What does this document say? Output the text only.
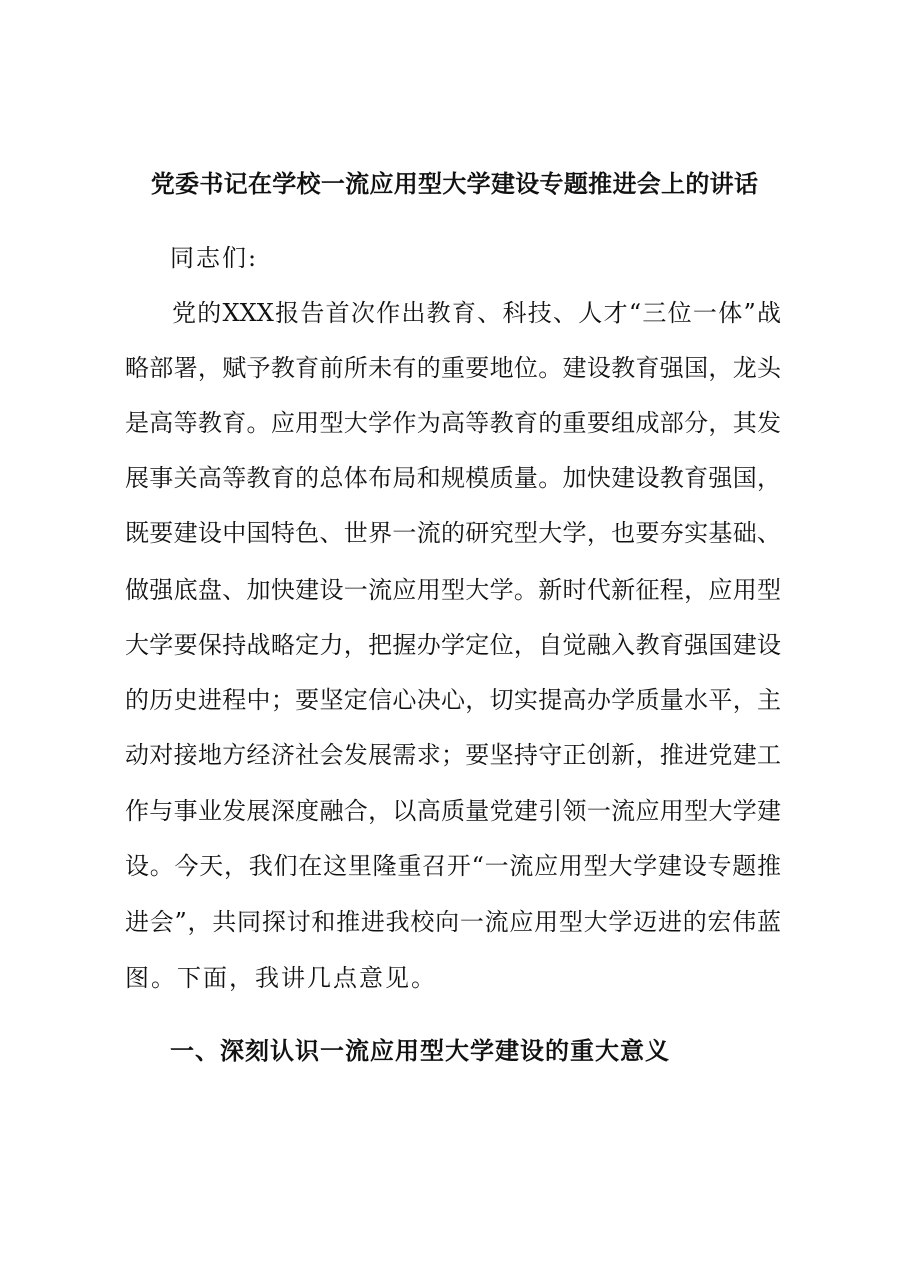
党委书记在学校一流应用型大学建设专题推进会上的讲话
同志们:
党的XXX报告首次作出教育、科技、人才“三位一体”战
略部署，赋予教育前所未有的重要地位。建设教育强国，龙头
是高等教育。应用型大学作为高等教育的重要组成部分，其发
展事关高等教育的总体布局和规模质量。加快建设教育强国，
既要建设中国特色、世界一流的研究型大学，也要夯实基础、
做强底盘、加快建设一流应用型大学。新时代新征程，应用型
大学要保持战略定力，把握办学定位，自觉融入教育强国建设
的历史进程中；要坚定信心决心，切实提高办学质量水平，主
动对接地方经济社会发展需求；要坚持守正创新，推进党建工
作与事业发展深度融合，以高质量党建引领一流应用型大学建
设。今天，我们在这里隆重召开“一流应用型大学建设专题推
进会”，共同探讨和推进我校向一流应用型大学迈进的宏伟蓝
图。下面，我讲几点意见。
一、深刻认识一流应用型大学建设的重大意义
